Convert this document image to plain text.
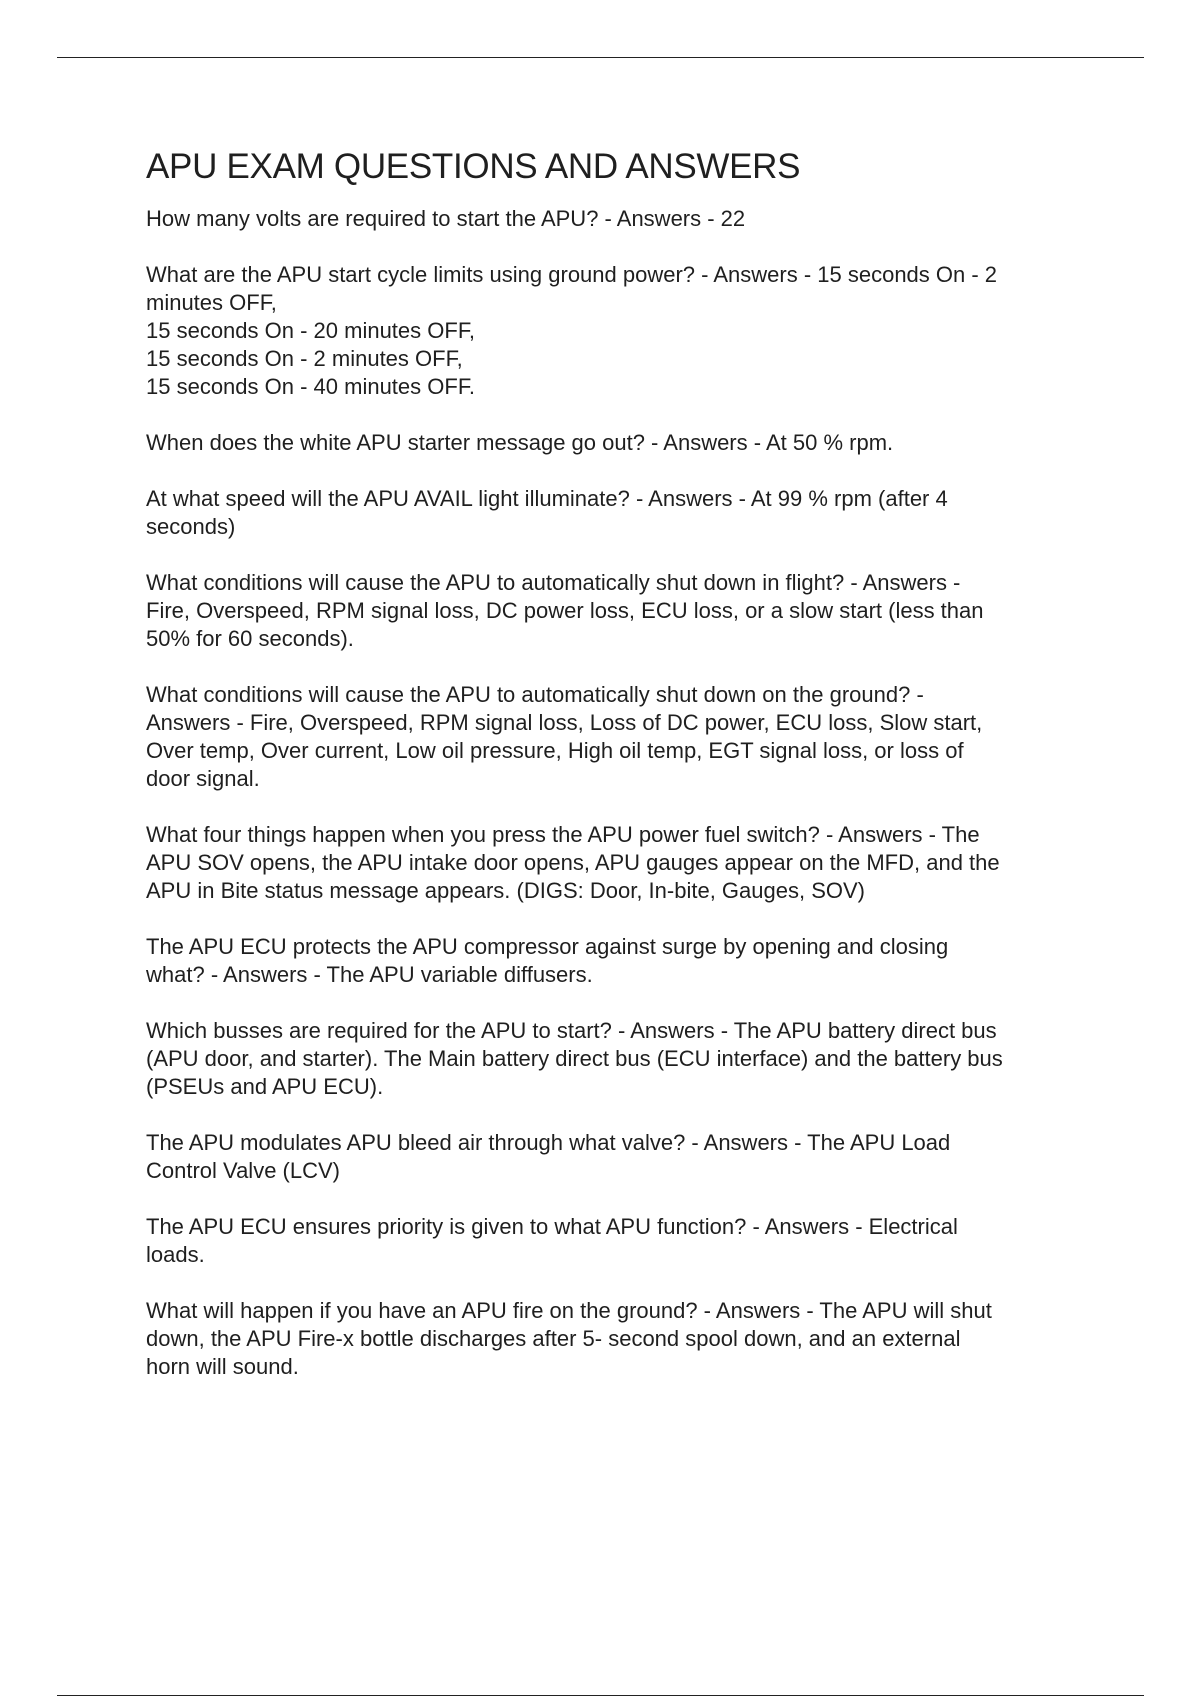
APU EXAM QUESTIONS AND ANSWERS
How many volts are required to start the APU? - Answers - 22
What are the APU start cycle limits using ground power? - Answers - 15 seconds On - 2
minutes OFF,
15 seconds On - 20 minutes OFF,
15 seconds On - 2 minutes OFF,
15 seconds On - 40 minutes OFF.
When does the white APU starter message go out? - Answers - At 50 % rpm.
At what speed will the APU AVAIL light illuminate? - Answers - At 99 % rpm (after 4
seconds)
What conditions will cause the APU to automatically shut down in flight? - Answers -
Fire, Overspeed, RPM signal loss, DC power loss, ECU loss, or a slow start (less than
50% for 60 seconds).
What conditions will cause the APU to automatically shut down on the ground? -
Answers - Fire, Overspeed, RPM signal loss, Loss of DC power, ECU loss, Slow start,
Over temp, Over current, Low oil pressure, High oil temp, EGT signal loss, or loss of
door signal.
What four things happen when you press the APU power fuel switch? - Answers - The
APU SOV opens, the APU intake door opens, APU gauges appear on the MFD, and the
APU in Bite status message appears. (DIGS: Door, In-bite, Gauges, SOV)
The APU ECU protects the APU compressor against surge by opening and closing
what? - Answers - The APU variable diffusers.
Which busses are required for the APU to start? - Answers - The APU battery direct bus
(APU door, and starter). The Main battery direct bus (ECU interface) and the battery bus
(PSEUs and APU ECU).
The APU modulates APU bleed air through what valve? - Answers - The APU Load
Control Valve (LCV)
The APU ECU ensures priority is given to what APU function? - Answers - Electrical
loads.
What will happen if you have an APU fire on the ground? - Answers - The APU will shut
down, the APU Fire-x bottle discharges after 5- second spool down, and an external
horn will sound.
